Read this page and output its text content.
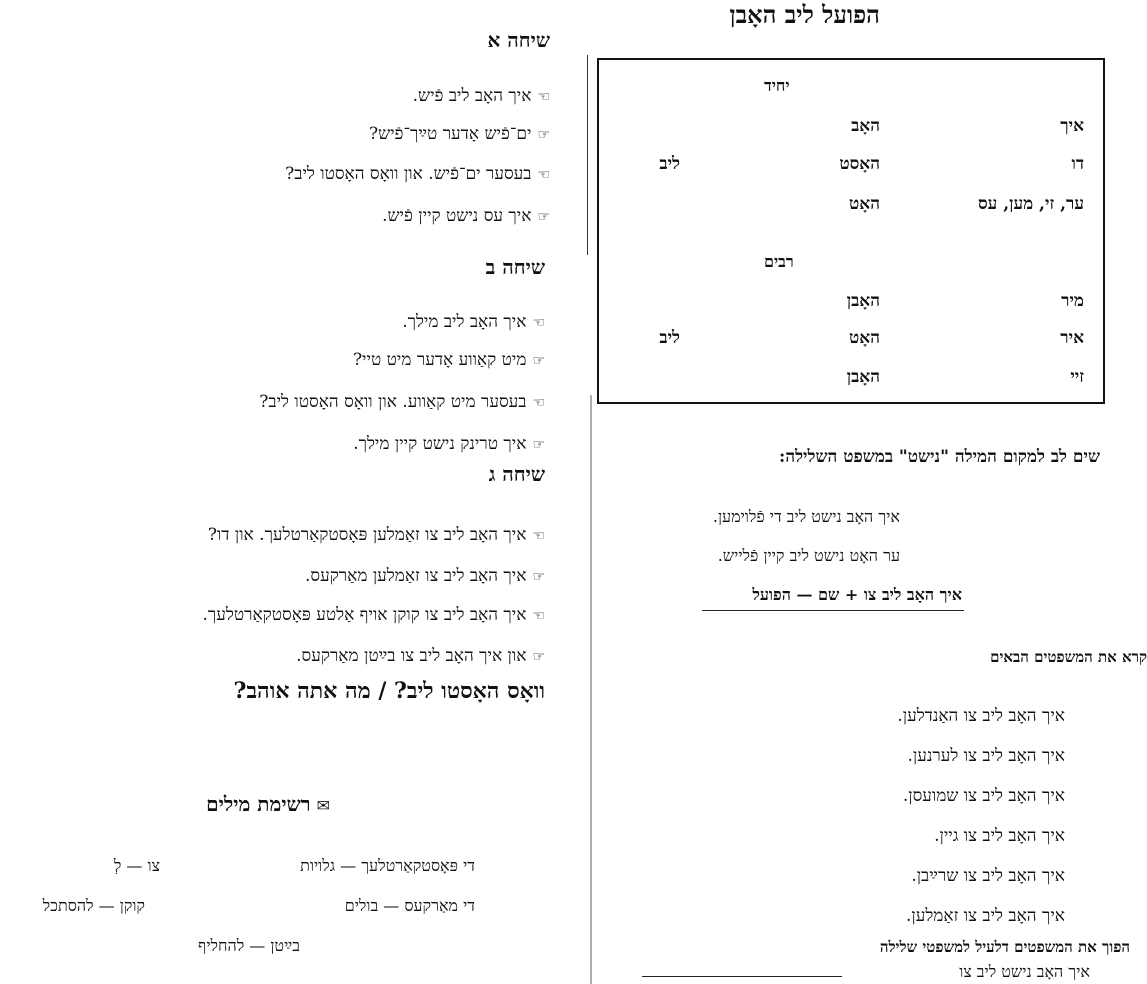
הפועל ליב האָבן
יחיד
איך
האָב
דו
האָסט
ליב
ער, זי, מען, עס
האָט
רבים
מיר
האָבן
איר
האָט
ליב
זיי
האָבן
שים לב למקום המילה "נישט" במשפט השלילה:
איך האָב נישט ליב די פֿלוימען.
ער האָט נישט ליב קיין פֿלייש.
איך האָב ליב צו + שם — הפועל
קרא את המשפטים הבאים
איך האָב ליב צו האַנדלען.
איך האָב ליב צו לערנען.
איך האָב ליב צו שמועסן.
איך האָב ליב צו גיין.
איך האָב ליב צו שרײַבן.
איך האָב ליב צו זאַמלען.
הפוך את המשפטים דלעיל למשפטי שלילה
איך האָב נישט ליב צו
שיחה א
☜איך האָב ליב פֿיש.
☞ים־פֿיש אָדער טײַך־פֿיש?
☜בעסער ים־פֿיש. און וואָס האָסטו ליב?
☞איך עס נישט קיין פֿיש.
שיחה ב
☜איך האָב ליב מילך.
☞מיט קאַווע אָדער מיט טיי?
☜בעסער מיט קאַווע. און וואָס האָסטו ליב?
☞איך טרינק נישט קיין מילך.
שיחה ג
☜איך האָב ליב צו זאַמלען פּאָסטקאַרטלעך. און דו?
☞איך האָב ליב צו זאַמלען מאַרקעס.
☜איך האָב ליב צו קוקן אויף אַלטע פּאָסטקאַרטלעך.
☞און איך האָב ליב צו בײַטן מאַרקעס.
וואָס האָסטו ליב? / מה אתה אוהב?
✉רשימת מילים
די פּאָסטקאַרטלעך — גלויות
צו — לְ
די מאַרקעס — בולים
קוקן — להסתכל
בײַטן — להחליף
